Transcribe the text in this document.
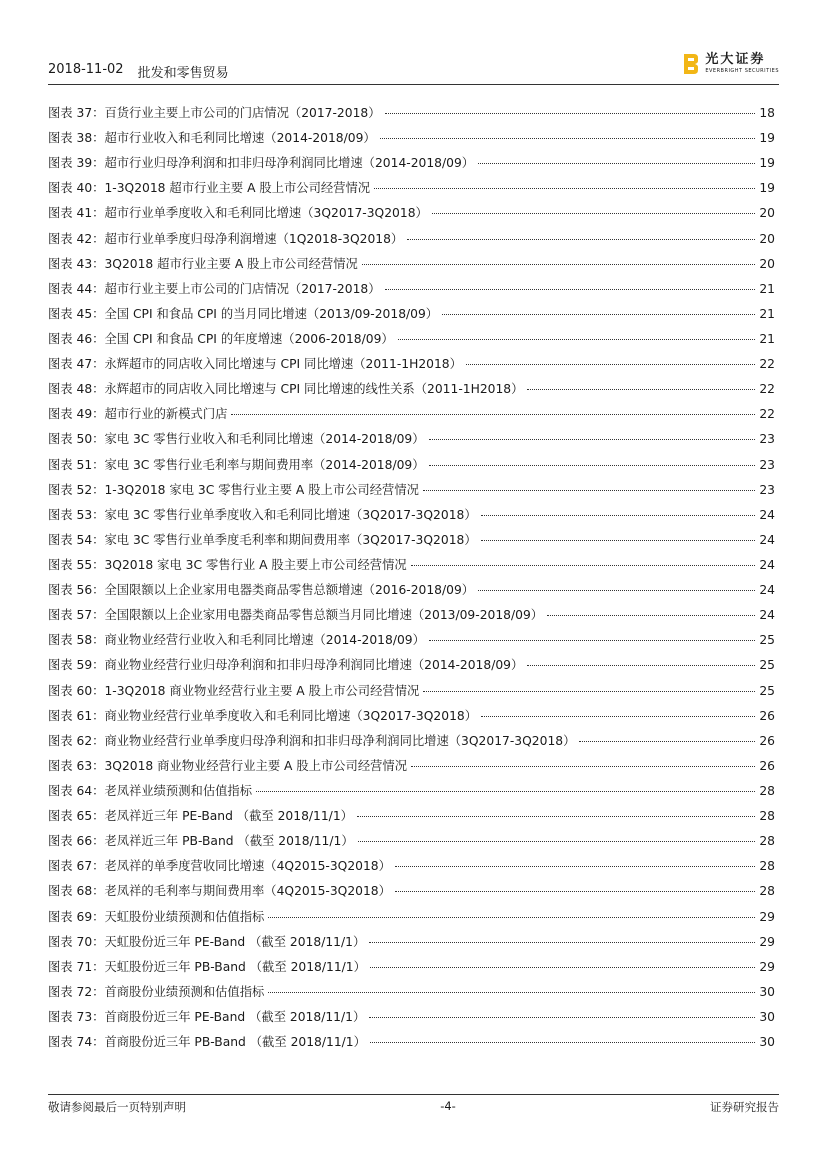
2018-11-02 批发和零售贸易
光大证券
EVERBRIGHT SECURITIES
图表 37：百货行业主要上市公司的门店情况（2017-2018）	18
图表 38：超市行业收入和毛利同比增速（2014-2018/09）	19
图表 39：超市行业归母净利润和扣非归母净利润同比增速（2014-2018/09）	19
图表 40：1-3Q2018 超市行业主要 A 股上市公司经营情况	19
图表 41：超市行业单季度收入和毛利同比增速（3Q2017-3Q2018）	20
图表 42：超市行业单季度归母净利润增速（1Q2018-3Q2018）	20
图表 43：3Q2018 超市行业主要 A 股上市公司经营情况	20
图表 44：超市行业主要上市公司的门店情况（2017-2018）	21
图表 45：全国 CPI 和食品 CPI 的当月同比增速（2013/09-2018/09）	21
图表 46：全国 CPI 和食品 CPI 的年度增速（2006-2018/09）	21
图表 47：永辉超市的同店收入同比增速与 CPI 同比增速（2011-1H2018）	22
图表 48：永辉超市的同店收入同比增速与 CPI 同比增速的线性关系（2011-1H2018）	22
图表 49：超市行业的新模式门店	22
图表 50：家电 3C 零售行业收入和毛利同比增速（2014-2018/09）	23
图表 51：家电 3C 零售行业毛利率与期间费用率（2014-2018/09）	23
图表 52：1-3Q2018 家电 3C 零售行业主要 A 股上市公司经营情况	23
图表 53：家电 3C 零售行业单季度收入和毛利同比增速（3Q2017-3Q2018）	24
图表 54：家电 3C 零售行业单季度毛利率和期间费用率（3Q2017-3Q2018）	24
图表 55：3Q2018 家电 3C 零售行业 A 股主要上市公司经营情况	24
图表 56：全国限额以上企业家用电器类商品零售总额增速（2016-2018/09）	24
图表 57：全国限额以上企业家用电器类商品零售总额当月同比增速（2013/09-2018/09）	24
图表 58：商业物业经营行业收入和毛利同比增速（2014-2018/09）	25
图表 59：商业物业经营行业归母净利润和扣非归母净利润同比增速（2014-2018/09）	25
图表 60：1-3Q2018 商业物业经营行业主要 A 股上市公司经营情况	25
图表 61：商业物业经营行业单季度收入和毛利同比增速（3Q2017-3Q2018）	26
图表 62：商业物业经营行业单季度归母净利润和扣非归母净利润同比增速（3Q2017-3Q2018）	26
图表 63：3Q2018 商业物业经营行业主要 A 股上市公司经营情况	26
图表 64：老凤祥业绩预测和估值指标	28
图表 65：老凤祥近三年 PE-Band （截至 2018/11/1）	28
图表 66：老凤祥近三年 PB-Band （截至 2018/11/1）	28
图表 67：老凤祥的单季度营收同比增速（4Q2015-3Q2018）	28
图表 68：老凤祥的毛利率与期间费用率（4Q2015-3Q2018）	28
图表 69：天虹股份业绩预测和估值指标	29
图表 70：天虹股份近三年 PE-Band （截至 2018/11/1）	29
图表 71：天虹股份近三年 PB-Band （截至 2018/11/1）	29
图表 72：首商股份业绩预测和估值指标	30
图表 73：首商股份近三年 PE-Band （截至 2018/11/1）	30
图表 74：首商股份近三年 PB-Band （截至 2018/11/1）	30
敬请参阅最后一页特别声明	-4-	证券研究报告
